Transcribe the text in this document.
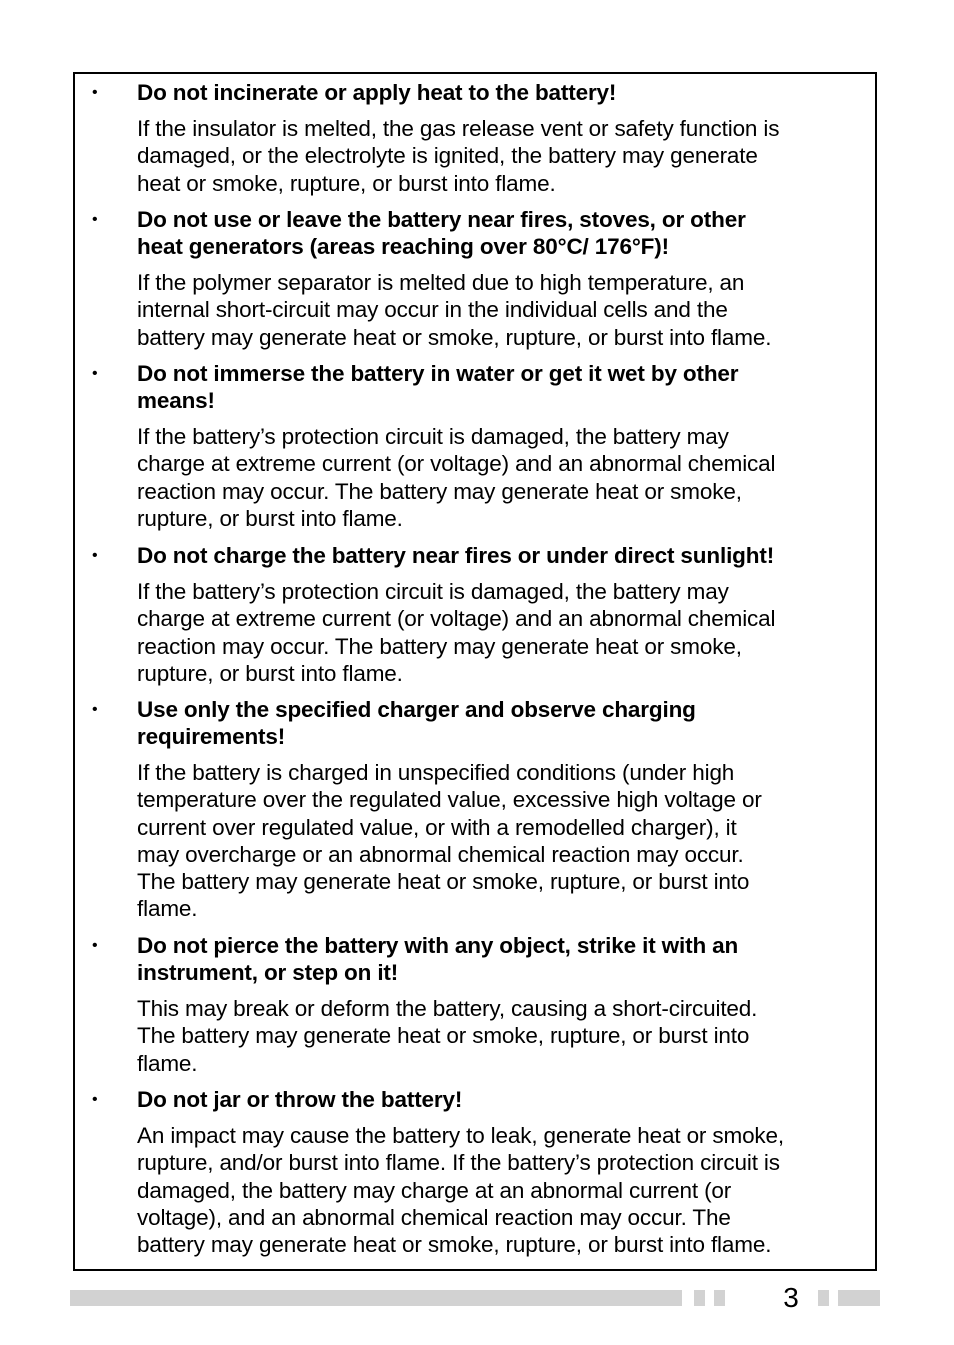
• Do not incinerate or apply heat to the battery!
If the insulator is melted, the gas release vent or safety function is
damaged, or the electrolyte is ignited, the battery may generate
heat or smoke, rupture, or burst into flame.
• Do not use or leave the battery near fires, stoves, or other
heat generators (areas reaching over 80°C/ 176°F)!
If the polymer separator is melted due to high temperature, an
internal short-circuit may occur in the individual cells and the
battery may generate heat or smoke, rupture, or burst into flame.
• Do not immerse the battery in water or get it wet by other
means!
If the battery’s protection circuit is damaged, the battery may
charge at extreme current (or voltage) and an abnormal chemical
reaction may occur. The battery may generate heat or smoke,
rupture, or burst into flame.
• Do not charge the battery near fires or under direct sunlight!
If the battery’s protection circuit is damaged, the battery may
charge at extreme current (or voltage) and an abnormal chemical
reaction may occur. The battery may generate heat or smoke,
rupture, or burst into flame.
• Use only the specified charger and observe charging
requirements!
If the battery is charged in unspecified conditions (under high
temperature over the regulated value, excessive high voltage or
current over regulated value, or with a remodelled charger), it
may overcharge or an abnormal chemical reaction may occur.
The battery may generate heat or smoke, rupture, or burst into
flame.
• Do not pierce the battery with any object, strike it with an
instrument, or step on it!
This may break or deform the battery, causing a short-circuited.
The battery may generate heat or smoke, rupture, or burst into
flame.
• Do not jar or throw the battery!
An impact may cause the battery to leak, generate heat or smoke,
rupture, and/or burst into flame. If the battery’s protection circuit is
damaged, the battery may charge at an abnormal current (or
voltage), and an abnormal chemical reaction may occur. The
battery may generate heat or smoke, rupture, or burst into flame.
3
